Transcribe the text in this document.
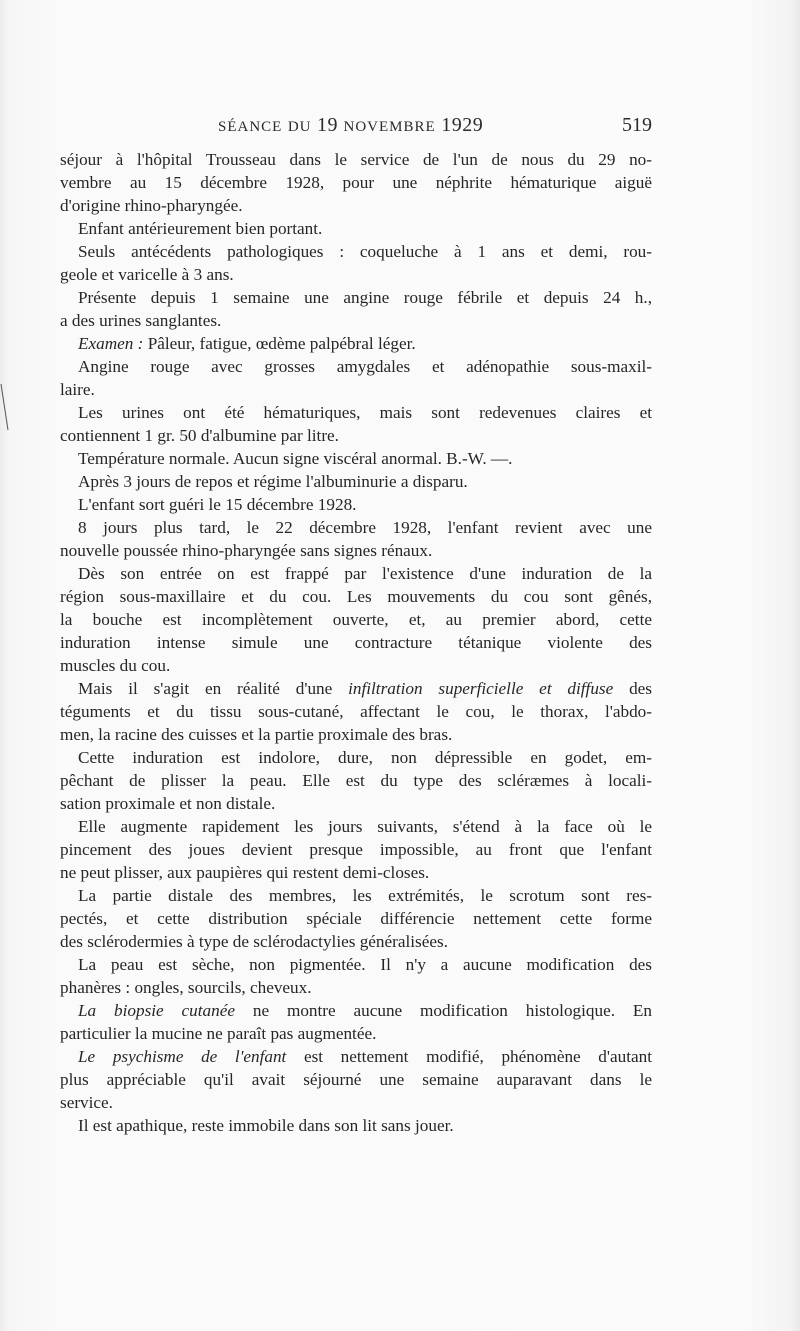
SÉANCE DU 19 NOVEMBRE 1929	519
séjour à l'hôpital Trousseau dans le service de l'un de nous du 29 no-
vembre au 15 décembre 1928, pour une néphrite hématurique aiguë
d'origine rhino-pharyngée.
Enfant antérieurement bien portant.
Seuls antécédents pathologiques : coqueluche à 1 ans et demi, rou-
geole et varicelle à 3 ans.
Présente depuis 1 semaine une angine rouge fébrile et depuis 24 h.,
a des urines sanglantes.
Examen : Pâleur, fatigue, œdème palpébral léger.
Angine rouge avec grosses amygdales et adénopathie sous-maxil-
laire.
Les urines ont été hématuriques, mais sont redevenues claires et
contiennent 1 gr. 50 d'albumine par litre.
Température normale. Aucun signe viscéral anormal. B.-W. —.
Après 3 jours de repos et régime l'albuminurie a disparu.
L'enfant sort guéri le 15 décembre 1928.
8 jours plus tard, le 22 décembre 1928, l'enfant revient avec une
nouvelle poussée rhino-pharyngée sans signes rénaux.
Dès son entrée on est frappé par l'existence d'une induration de la
région sous-maxillaire et du cou. Les mouvements du cou sont gênés,
la bouche est incomplètement ouverte, et, au premier abord, cette
induration intense simule une contracture tétanique violente des
muscles du cou.
Mais il s'agit en réalité d'une infiltration superficielle et diffuse des
téguments et du tissu sous-cutané, affectant le cou, le thorax, l'abdo-
men, la racine des cuisses et la partie proximale des bras.
Cette induration est indolore, dure, non dépressible en godet, em-
pêchant de plisser la peau. Elle est du type des scléræmes à locali-
sation proximale et non distale.
Elle augmente rapidement les jours suivants, s'étend à la face où le
pincement des joues devient presque impossible, au front que l'enfant
ne peut plisser, aux paupières qui restent demi-closes.
La partie distale des membres, les extrémités, le scrotum sont res-
pectés, et cette distribution spéciale différencie nettement cette forme
des sclérodermies à type de sclérodactylies généralisées.
La peau est sèche, non pigmentée. Il n'y a aucune modification des
phanères : ongles, sourcils, cheveux.
La biopsie cutanée ne montre aucune modification histologique. En
particulier la mucine ne paraît pas augmentée.
Le psychisme de l'enfant est nettement modifié, phénomène d'autant
plus appréciable qu'il avait séjourné une semaine auparavant dans le
service.
Il est apathique, reste immobile dans son lit sans jouer.
